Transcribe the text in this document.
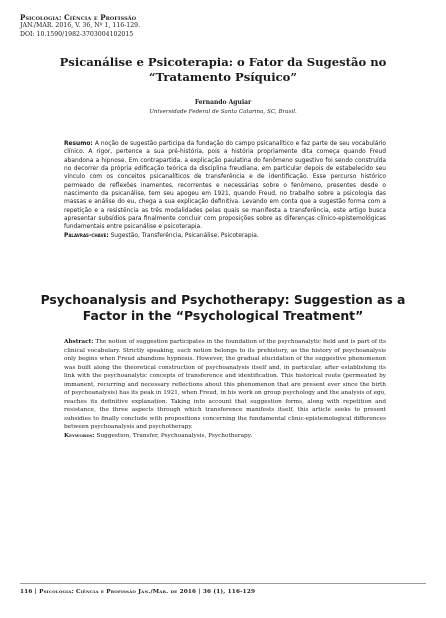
Psicologia: Ciência e Profissão
JAN./MAR. 2016, V. 36, Nº 1, 116-129.
DOI: 10.1590/1982-3703004102015
Psicanálise e Psicoterapia: o Fator da Sugestão no “Tratamento Psíquico”
Fernando Aguiar
Universidade Federal de Santa Catarina, SC, Brasil.
Resumo: A noção de sugestão participa da fundação do campo psicanalítico e faz parte de seu vocabulário clínico. A rigor, pertence a sua pré-história, pois a história propriamente dita começa quando Freud abandona a hipnose. Em contrapartida, a explicação paulatina do fenômeno sugestivo foi sendo construída no decorrer da própria edificação teórica da disciplina freudiana, em particular depois de estabelecido seu vínculo com os conceitos psicanalíticos de transferência e de identificação. Esse percurso histórico permeado de reflexões inamentes, recorrentes e necessárias sobre o fenômeno, presentes desde o nascimento da psicanálise, tem seu apogeu em 1921, quando Freud, no trabalho sobre a psicologia das massas e análise do eu, chega a sua explicação definitiva. Levando em conta que a sugestão forma com a repetição e a resistência as três modalidades pelas quais se manifesta a transferência, este artigo busca apresentar subsídios para finalmente concluir com proposições sobre as diferenças clínico-epistemológicas fundamentais entre psicanálise e psicoterapia.
Palavras-chave: Sugestão, Transferência, Psicanálise, Psicoterapia.
Psychoanalysis and Psychotherapy: Suggestion as a Factor in the “Psychological Treatment”
Abstract: The notion of suggestion participates in the foundation of the psychoanalytic field and is part of its clinical vocabulary. Strictly speaking, such notion belongs to its prehistory, as the history of psychoanalysis only begins when Freud abandons hypnosis. However, the gradual elucidation of the suggestive phenomenon was built along the theoretical construction of psychoanalysis itself and, in particular, after establishing its link with the psychoanalytic concepts of transference and identification. This historical route (permeated by immanent, recurring and necessary reflections about this phenomenon that are present ever since the birth of psychoanalysis) has its peak in 1921, when Freud, in his work on group psychology and the analysis of ego, reaches its definitive explanation. Taking into account that suggestion forms, along with repetition and resistance, the three aspects through which transference manifests itself, this article seeks to present subsidies to finally conclude with propositions concerning the fundamental clinic-epistemological differences between psychoanalysis and psychotherapy.
Keywords: Suggestion, Transfer, Psychoanalysis, Psychotherapy.
116 | Psicologia: Ciência e Profissão Jan./Mar. de 2016 | 36 (1), 116-129
